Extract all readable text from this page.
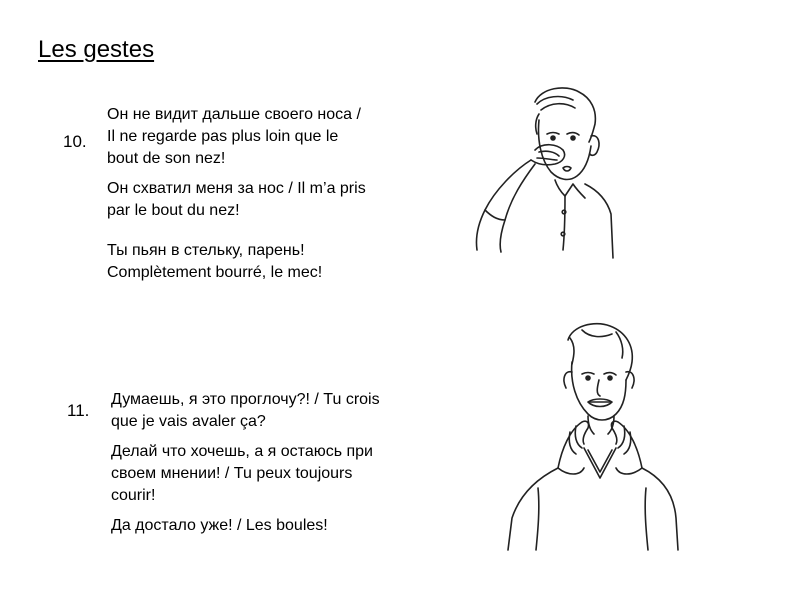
Les gestes
10.
Он не видит дальше своего носа /
Il ne regarde pas plus loin que le
bout de son nez!
Он схватил меня за нос / Il m’a pris
par le bout du nez!
Ты пьян в стельку, парень!
Complètement bourré, le mec!
11.
Думаешь, я это проглочу?! / Tu crois
que je vais avaler ça?
Делай что хочешь, а я остаюсь при
своем мнении! / Tu peux toujours
courir!
Да достало уже! / Les boules!
